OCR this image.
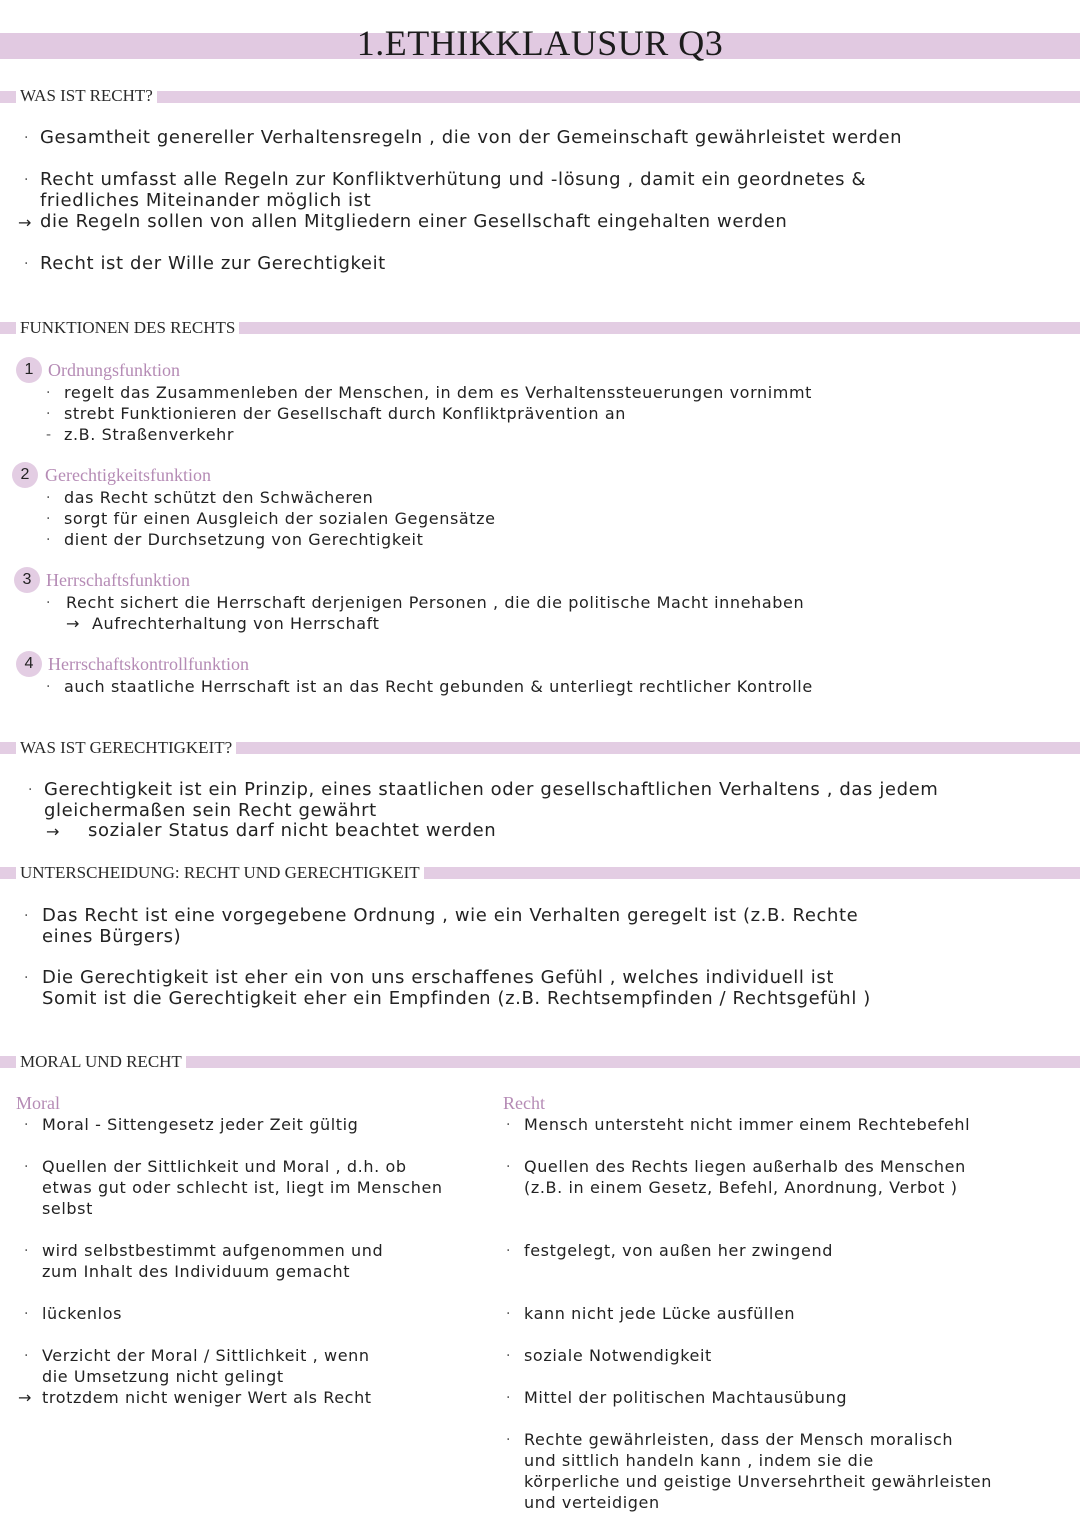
1.ETHIKKLAUSUR Q3
WAS IST RECHT?
· Gesamtheit genereller Verhaltensregeln , die von der Gemeinschaft gewährleistet werden
· Recht umfasst alle Regeln zur Konfliktverhütung und -lösung , damit ein geordnetes &
friedliches Miteinander möglich ist
→ die Regeln sollen von allen Mitgliedern einer Gesellschaft eingehalten werden
· Recht ist der Wille zur Gerechtigkeit
FUNKTIONEN DES RECHTS
1 Ordnungsfunktion
· regelt das Zusammenleben der Menschen, in dem es Verhaltenssteuerungen vornimmt
· strebt Funktionieren der Gesellschaft durch Konfliktprävention an
- z.B. Straßenverkehr
2 Gerechtigkeitsfunktion
· das Recht schützt den Schwächeren
· sorgt für einen Ausgleich der sozialen Gegensätze
· dient der Durchsetzung von Gerechtigkeit
3 Herrschaftsfunktion
· Recht sichert die Herrschaft derjenigen Personen , die die politische Macht innehaben
→ Aufrechterhaltung von Herrschaft
4 Herrschaftskontrollfunktion
· auch staatliche Herrschaft ist an das Recht gebunden & unterliegt rechtlicher Kontrolle
WAS IST GERECHTIGKEIT?
· Gerechtigkeit ist ein Prinzip, eines staatlichen oder gesellschaftlichen Verhaltens , das jedem
gleichermaßen sein Recht gewährt
→ sozialer Status darf nicht beachtet werden
UNTERSCHEIDUNG: RECHT UND GERECHTIGKEIT
· Das Recht ist eine vorgegebene Ordnung , wie ein Verhalten geregelt ist (z.B. Rechte
eines Bürgers)
· Die Gerechtigkeit ist eher ein von uns erschaffenes Gefühl , welches individuell ist
Somit ist die Gerechtigkeit eher ein Empfinden (z.B. Rechtsempfinden / Rechtsgefühl )
MORAL UND RECHT
Moral	Recht
· Moral - Sittengesetz jeder Zeit gültig
· Quellen der Sittlichkeit und Moral , d.h. ob
etwas gut oder schlecht ist, liegt im Menschen
selbst
· wird selbstbestimmt aufgenommen und
zum Inhalt des Individuum gemacht
· lückenlos
· Verzicht der Moral / Sittlichkeit , wenn
die Umsetzung nicht gelingt
→ trotzdem nicht weniger Wert als Recht
· Mensch untersteht nicht immer einem Rechtebefehl
· Quellen des Rechts liegen außerhalb des Menschen
(z.B. in einem Gesetz, Befehl, Anordnung, Verbot )
· festgelegt, von außen her zwingend
· kann nicht jede Lücke ausfüllen
· soziale Notwendigkeit
· Mittel der politischen Machtausübung
· Rechte gewährleisten, dass der Mensch moralisch
und sittlich handeln kann , indem sie die
körperliche und geistige Unversehrtheit gewährleisten
und verteidigen
